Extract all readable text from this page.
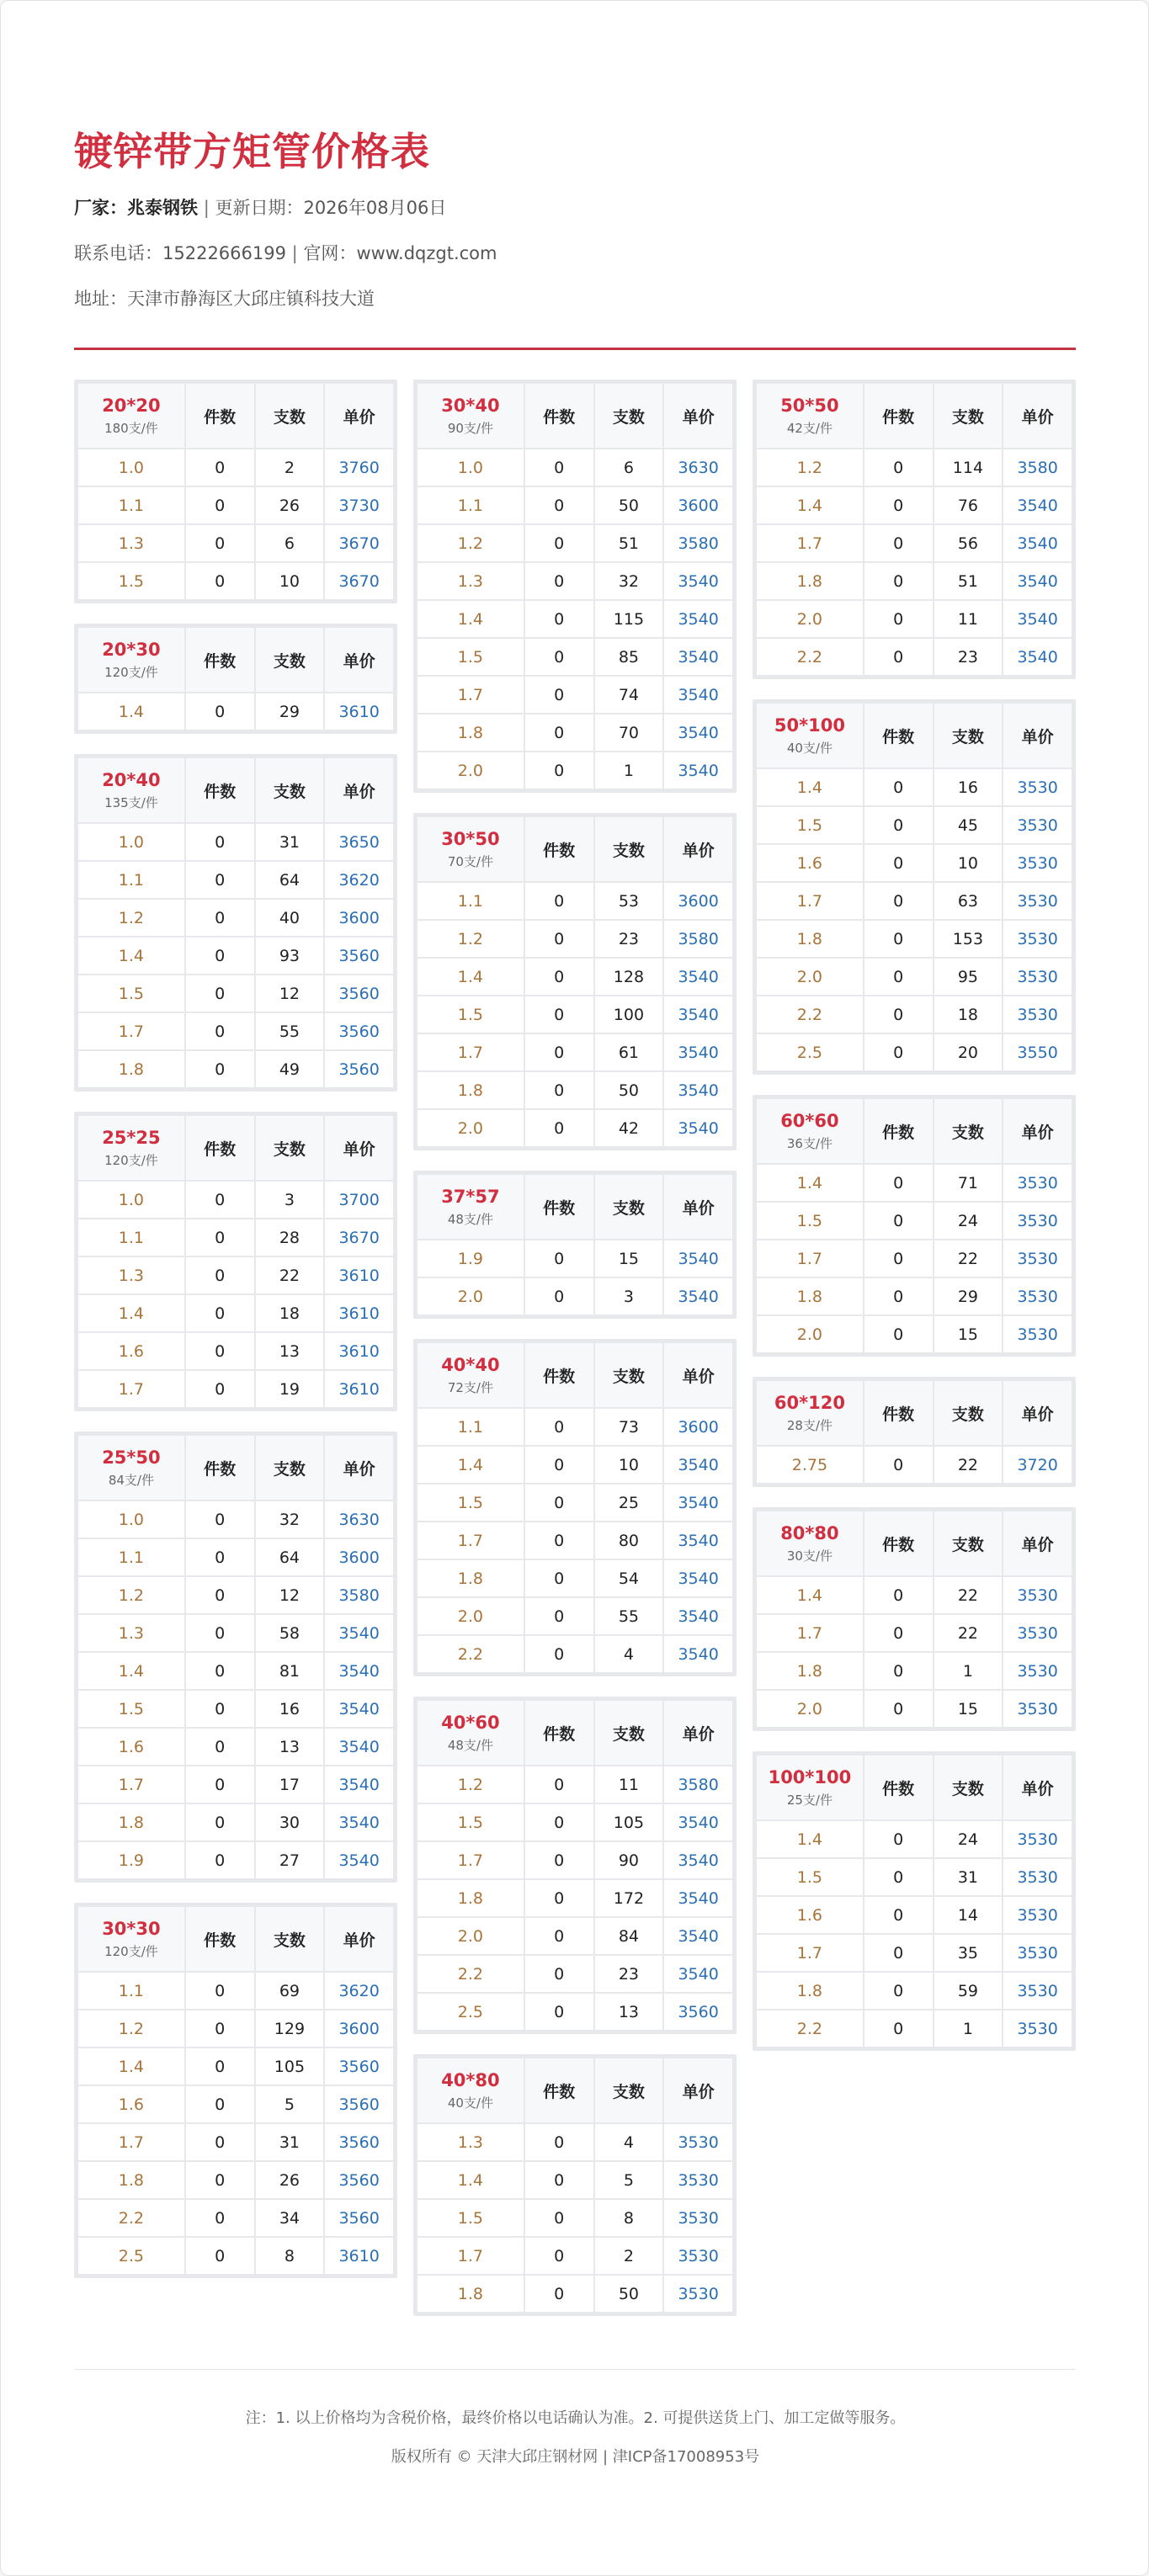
镀锌带方矩管价格表
厂家：兆泰钢铁 | 更新日期：2026年08月06日
联系电话：15222666199 | 官网：www.dqzgt.com
地址：天津市静海区大邱庄镇科技大道
20*20
180支/件	件数	支数	单价
1.0	0	2	3760
1.1	0	26	3730
1.3	0	6	3670
1.5	0	10	3670
20*30
120支/件	件数	支数	单价
1.4	0	29	3610
20*40
135支/件	件数	支数	单价
1.0	0	31	3650
1.1	0	64	3620
1.2	0	40	3600
1.4	0	93	3560
1.5	0	12	3560
1.7	0	55	3560
1.8	0	49	3560
25*25
120支/件	件数	支数	单价
1.0	0	3	3700
1.1	0	28	3670
1.3	0	22	3610
1.4	0	18	3610
1.6	0	13	3610
1.7	0	19	3610
25*50
84支/件	件数	支数	单价
1.0	0	32	3630
1.1	0	64	3600
1.2	0	12	3580
1.3	0	58	3540
1.4	0	81	3540
1.5	0	16	3540
1.6	0	13	3540
1.7	0	17	3540
1.8	0	30	3540
1.9	0	27	3540
30*30
120支/件	件数	支数	单价
1.1	0	69	3620
1.2	0	129	3600
1.4	0	105	3560
1.6	0	5	3560
1.7	0	31	3560
1.8	0	26	3560
2.2	0	34	3560
2.5	0	8	3610
30*40
90支/件	件数	支数	单价
1.0	0	6	3630
1.1	0	50	3600
1.2	0	51	3580
1.3	0	32	3540
1.4	0	115	3540
1.5	0	85	3540
1.7	0	74	3540
1.8	0	70	3540
2.0	0	1	3540
30*50
70支/件	件数	支数	单价
1.1	0	53	3600
1.2	0	23	3580
1.4	0	128	3540
1.5	0	100	3540
1.7	0	61	3540
1.8	0	50	3540
2.0	0	42	3540
37*57
48支/件	件数	支数	单价
1.9	0	15	3540
2.0	0	3	3540
40*40
72支/件	件数	支数	单价
1.1	0	73	3600
1.4	0	10	3540
1.5	0	25	3540
1.7	0	80	3540
1.8	0	54	3540
2.0	0	55	3540
2.2	0	4	3540
40*60
48支/件	件数	支数	单价
1.2	0	11	3580
1.5	0	105	3540
1.7	0	90	3540
1.8	0	172	3540
2.0	0	84	3540
2.2	0	23	3540
2.5	0	13	3560
40*80
40支/件	件数	支数	单价
1.3	0	4	3530
1.4	0	5	3530
1.5	0	8	3530
1.7	0	2	3530
1.8	0	50	3530
50*50
42支/件	件数	支数	单价
1.2	0	114	3580
1.4	0	76	3540
1.7	0	56	3540
1.8	0	51	3540
2.0	0	11	3540
2.2	0	23	3540
50*100
40支/件	件数	支数	单价
1.4	0	16	3530
1.5	0	45	3530
1.6	0	10	3530
1.7	0	63	3530
1.8	0	153	3530
2.0	0	95	3530
2.2	0	18	3530
2.5	0	20	3550
60*60
36支/件	件数	支数	单价
1.4	0	71	3530
1.5	0	24	3530
1.7	0	22	3530
1.8	0	29	3530
2.0	0	15	3530
60*120
28支/件	件数	支数	单价
2.75	0	22	3720
80*80
30支/件	件数	支数	单价
1.4	0	22	3530
1.7	0	22	3530
1.8	0	1	3530
2.0	0	15	3530
100*100
25支/件	件数	支数	单价
1.4	0	24	3530
1.5	0	31	3530
1.6	0	14	3530
1.7	0	35	3530
1.8	0	59	3530
2.2	0	1	3530
注：1. 以上价格均为含税价格，最终价格以电话确认为准。2. 可提供送货上门、加工定做等服务。
版权所有 © 天津大邱庄钢材网 | 津ICP备17008953号
